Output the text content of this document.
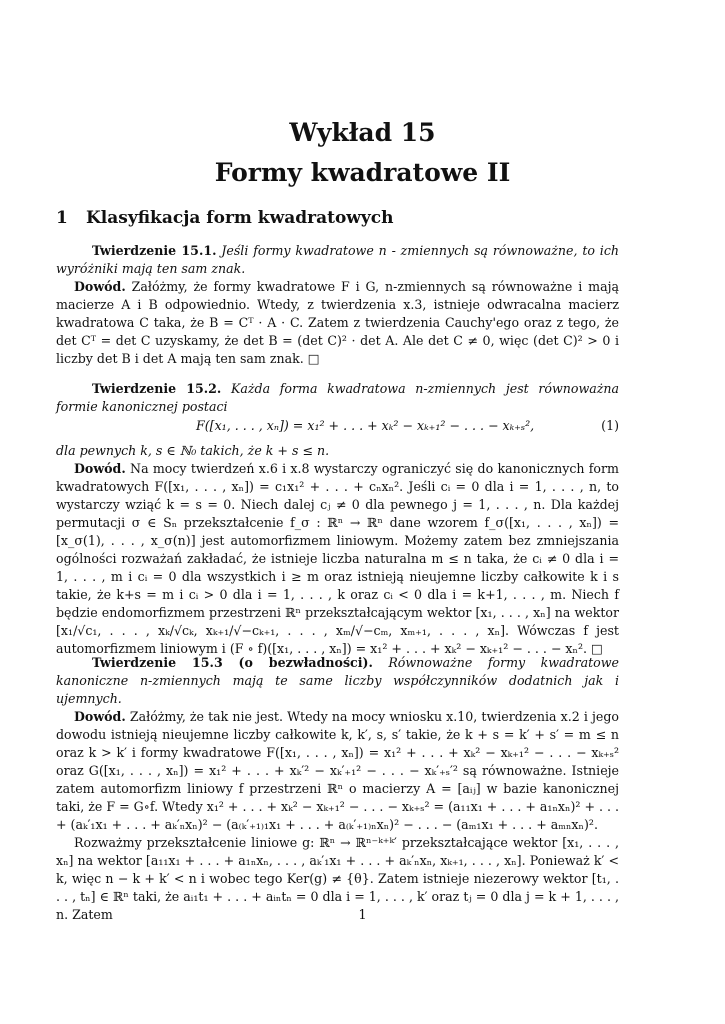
Wykład 15
Formy kwadratowe II
1 Klasyfikacja form kwadratowych

Twierdzenie 15.1. Jeśli formy kwadratowe n - zmiennych są równoważne, to ich wyróżniki mają ten sam znak.

Dowód. Załóżmy, że formy kwadratowe F i G, n-zmiennych są równoważne i mają macierze A i B odpowiednio. Wtedy, z twierdzenia x.3, istnieje odwracalna macierz kwadratowa C taka, że B = Cᵀ · A · C. Zatem z twierdzenia Cauchy'ego oraz z tego, że det Cᵀ = det C uzyskamy, że det B = (det C)² · det A. Ale det C ≠ 0, więc (det C)² > 0 i liczby det B i det A mają ten sam znak. □

Twierdzenie 15.2. Każda forma kwadratowa n-zmiennych jest równoważna formie kanonicznej postaci

F([x₁, . . . , xₙ]) = x₁² + . . . + xₖ² − xₖ₊₁² − . . . − xₖ₊ₛ²,	(1)

dla pewnych k, s ∈ ℕ₀ takich, że k + s ≤ n.

Dowód. Na mocy twierdzeń x.6 i x.8 wystarczy ograniczyć się do kanonicznych form kwadratowych F([x₁, . . . , xₙ]) = c₁x₁² + . . . + cₙxₙ². Jeśli cᵢ = 0 dla i = 1, . . . , n, to wystarczy wziąć k = s = 0. Niech dalej cⱼ ≠ 0 dla pewnego j = 1, . . . , n. Dla każdej permutacji σ ∈ Sₙ przekształcenie f_σ : ℝⁿ → ℝⁿ dane wzorem f_σ([x₁, . . . , xₙ]) = [x_σ(1), . . . , x_σ(n)] jest automorfizmem liniowym. Możemy zatem bez zmniejszania ogólności rozważań zakładać, że istnieje liczba naturalna m ≤ n taka, że cᵢ ≠ 0 dla i = 1, . . . , m i cᵢ = 0 dla wszystkich i ≥ m oraz istnieją nieujemne liczby całkowite k i s takie, że k+s = m i cᵢ > 0 dla i = 1, . . . , k oraz cᵢ < 0 dla i = k+1, . . . , m. Niech f będzie endomorfizmem przestrzeni ℝⁿ przekształcającym wektor [x₁, . . . , xₙ] na wektor [x₁/√c₁, . . . , xₖ/√cₖ, xₖ₊₁/√−cₖ₊₁, . . . , xₘ/√−cₘ, xₘ₊₁, . . . , xₙ]. Wówczas f jest automorfizmem liniowym i (F ∘ f)([x₁, . . . , xₙ]) = x₁² + . . . + xₖ² − xₖ₊₁² − . . . − xₙ². □

Twierdzenie 15.3 (o bezwładności). Równoważne formy kwadratowe kanoniczne n-zmiennych mają te same liczby współczynników dodatnich jak i ujemnych.

Dowód. Załóżmy, że tak nie jest. Wtedy na mocy wniosku x.10, twierdzenia x.2 i jego dowodu istnieją nieujemne liczby całkowite k, k′, s, s′ takie, że k + s = k′ + s′ = m ≤ n oraz k > k′ i formy kwadratowe F([x₁, . . . , xₙ]) = x₁² + . . . + xₖ² − xₖ₊₁² − . . . − xₖ₊ₛ² oraz G([x₁, . . . , xₙ]) = x₁² + . . . + xₖ′² − xₖ′₊₁² − . . . − xₖ′₊ₛ′² są równoważne. Istnieje zatem automorfizm liniowy f przestrzeni ℝⁿ o macierzy A = [aᵢⱼ] w bazie kanonicznej taki, że F = G∘f. Wtedy x₁² + . . . + xₖ² − xₖ₊₁² − . . . − xₖ₊ₛ² = (a₁₁x₁ + . . . + a₁ₙxₙ)² + . . . + (aₖ′₁x₁ + . . . + aₖ′ₙxₙ)² − (a₍ₖ′₊₁₎₁x₁ + . . . + a₍ₖ′₊₁₎ₙxₙ)² − . . . − (aₘ₁x₁ + . . . + aₘₙxₙ)².

Rozważmy przekształcenie liniowe g: ℝⁿ → ℝⁿ⁻ᵏ⁺ᵏ′ przekształcające wektor [x₁, . . . , xₙ] na wektor [a₁₁x₁ + . . . + a₁ₙxₙ, . . . , aₖ′₁x₁ + . . . + aₖ′ₙxₙ, xₖ₊₁, . . . , xₙ]. Ponieważ k′ < k, więc n − k + k′ < n i wobec tego Ker(g) ≠ {θ}. Zatem istnieje niezerowy wektor [t₁, . . . , tₙ] ∈ ℝⁿ taki, że aᵢ₁t₁ + . . . + aᵢₙtₙ = 0 dla i = 1, . . . , k′ oraz tⱼ = 0 dla j = k + 1, . . . , n. Zatem	1
